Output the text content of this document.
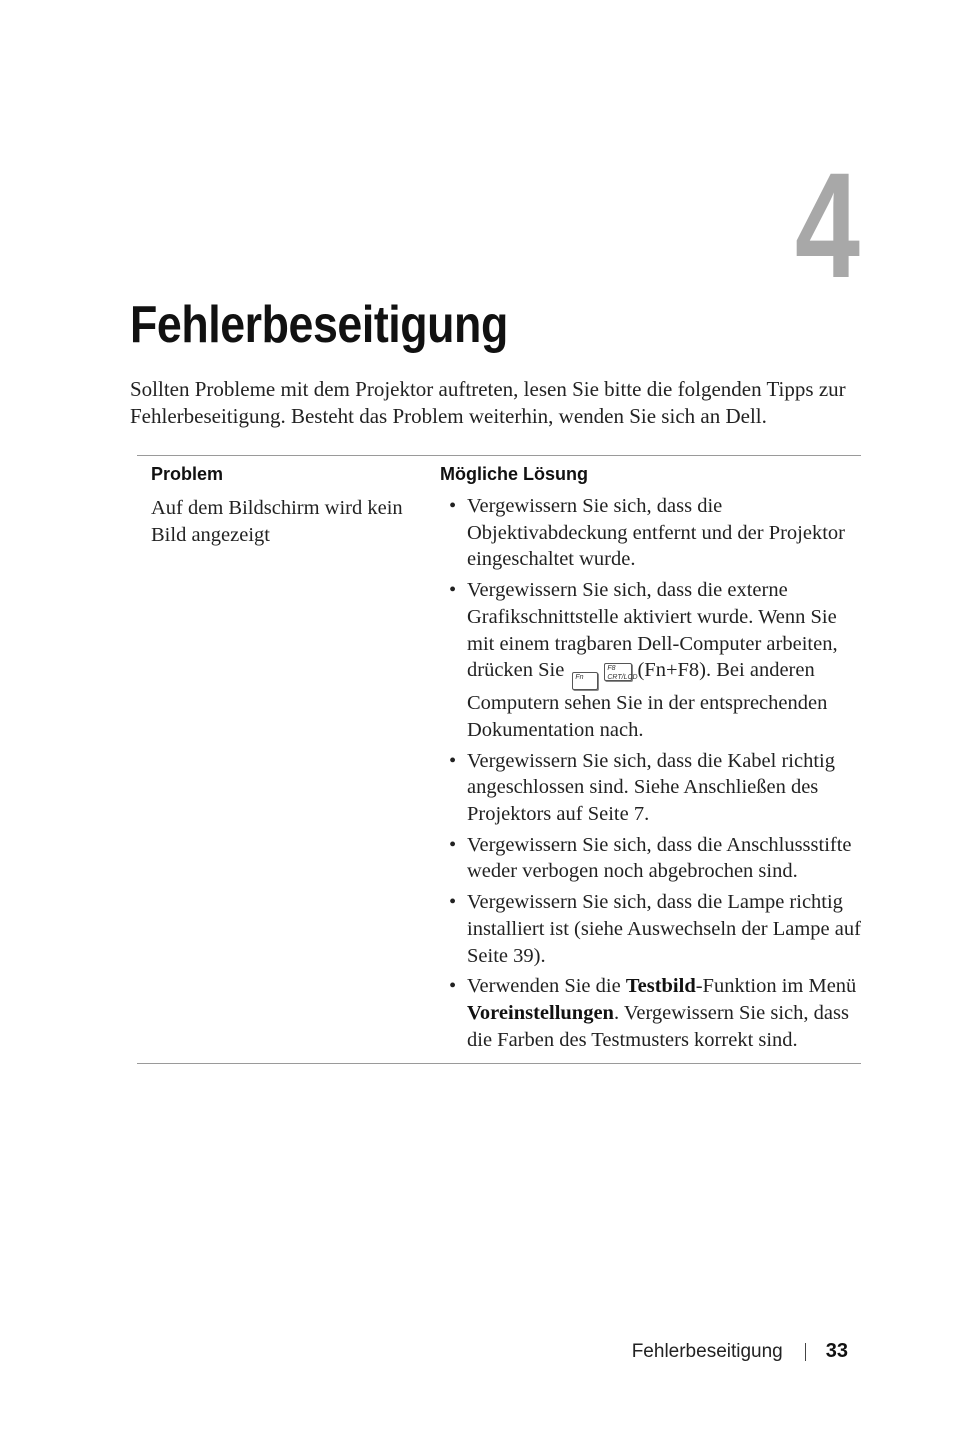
4
Fehlerbeseitigung

Sollten Probleme mit dem Projektor auftreten, lesen Sie bitte die folgenden Tipps zur Fehlerbeseitigung. Besteht das Problem weiterhin, wenden Sie sich an Dell.

Problem	Mögliche Lösung
Auf dem Bildschirm wird kein Bild angezeigt
• Vergewissern Sie sich, dass die Objektivabdeckung entfernt und der Projektor eingeschaltet wurde.
• Vergewissern Sie sich, dass die externe Grafikschnittstelle aktiviert wurde. Wenn Sie mit einem tragbaren Dell-Computer arbeiten, drücken Sie FnF8 CRT/LCD (Fn+F8). Bei anderen Computern sehen Sie in der entsprechenden Dokumentation nach.
• Vergewissern Sie sich, dass die Kabel richtig angeschlossen sind. Siehe Anschließen des Projektors auf Seite 7.
• Vergewissern Sie sich, dass die Anschlussstifte weder verbogen noch abgebrochen sind.
• Vergewissern Sie sich, dass die Lampe richtig installiert ist (siehe Auswechseln der Lampe auf Seite 39).
• Verwenden Sie die Testbild-Funktion im Menü Voreinstellungen. Vergewissern Sie sich, dass die Farben des Testmusters korrekt sind.
Fehlerbeseitigung 33
